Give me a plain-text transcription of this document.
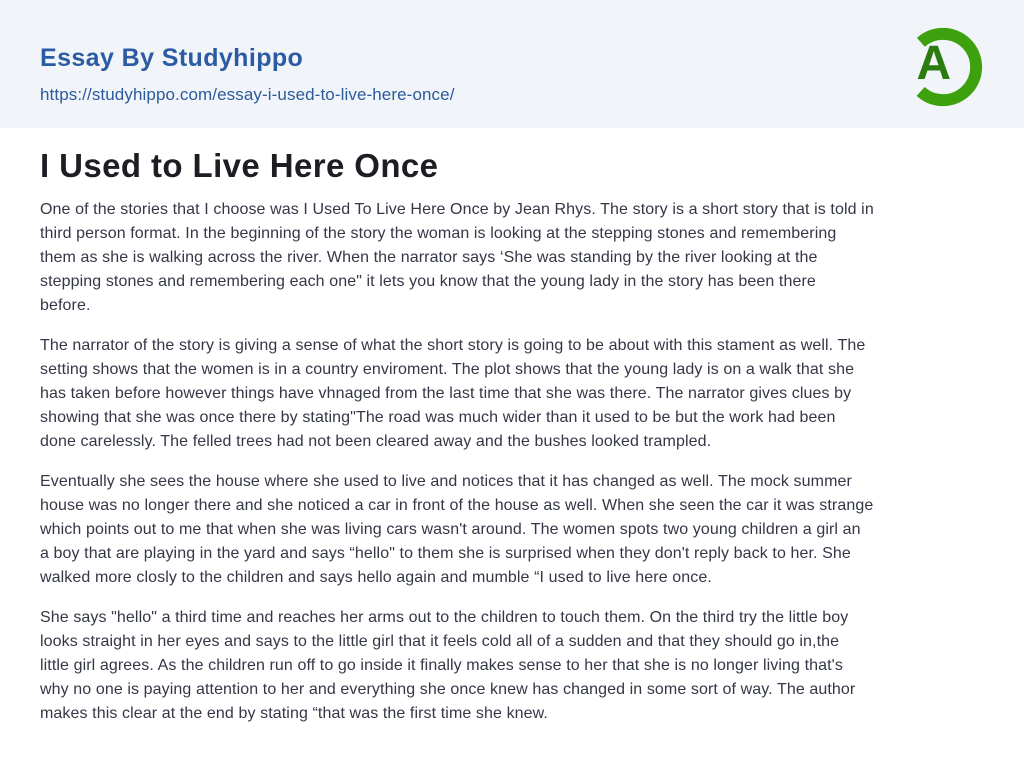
Essay By Studyhippo
https://studyhippo.com/essay-i-used-to-live-here-once/
A
I Used to Live Here Once
One of the stories that I choose was I Used To Live Here Once by Jean Rhys. The story is a short story that is told in
third person format. In the beginning of the story the woman is looking at the stepping stones and remembering
them as she is walking across the river. When the narrator says ‘She was standing by the river looking at the
stepping stones and remembering each one" it lets you know that the young lady in the story has been there
before.
The narrator of the story is giving a sense of what the short story is going to be about with this stament as well. The
setting shows that the women is in a country enviroment. The plot shows that the young lady is on a walk that she
has taken before however things have vhnaged from the last time that she was there. The narrator gives clues by
showing that she was once there by stating"The road was much wider than it used to be but the work had been
done carelessly. The felled trees had not been cleared away and the bushes looked trampled.
Eventually she sees the house where she used to live and notices that it has changed as well. The mock summer
house was no longer there and she noticed a car in front of the house as well. When she seen the car it was strange
which points out to me that when she was living cars wasn't around. The women spots two young children a girl an
a boy that are playing in the yard and says “hello" to them she is surprised when they don't reply back to her. She
walked more closly to the children and says hello again and mumble “I used to live here once.
She says "hello" a third time and reaches her arms out to the children to touch them. On the third try the little boy
looks straight in her eyes and says to the little girl that it feels cold all of a sudden and that they should go in,the
little girl agrees. As the children run off to go inside it finally makes sense to her that she is no longer living that's
why no one is paying attention to her and everything she once knew has changed in some sort of way. The author
makes this clear at the end by stating “that was the first time she knew.
